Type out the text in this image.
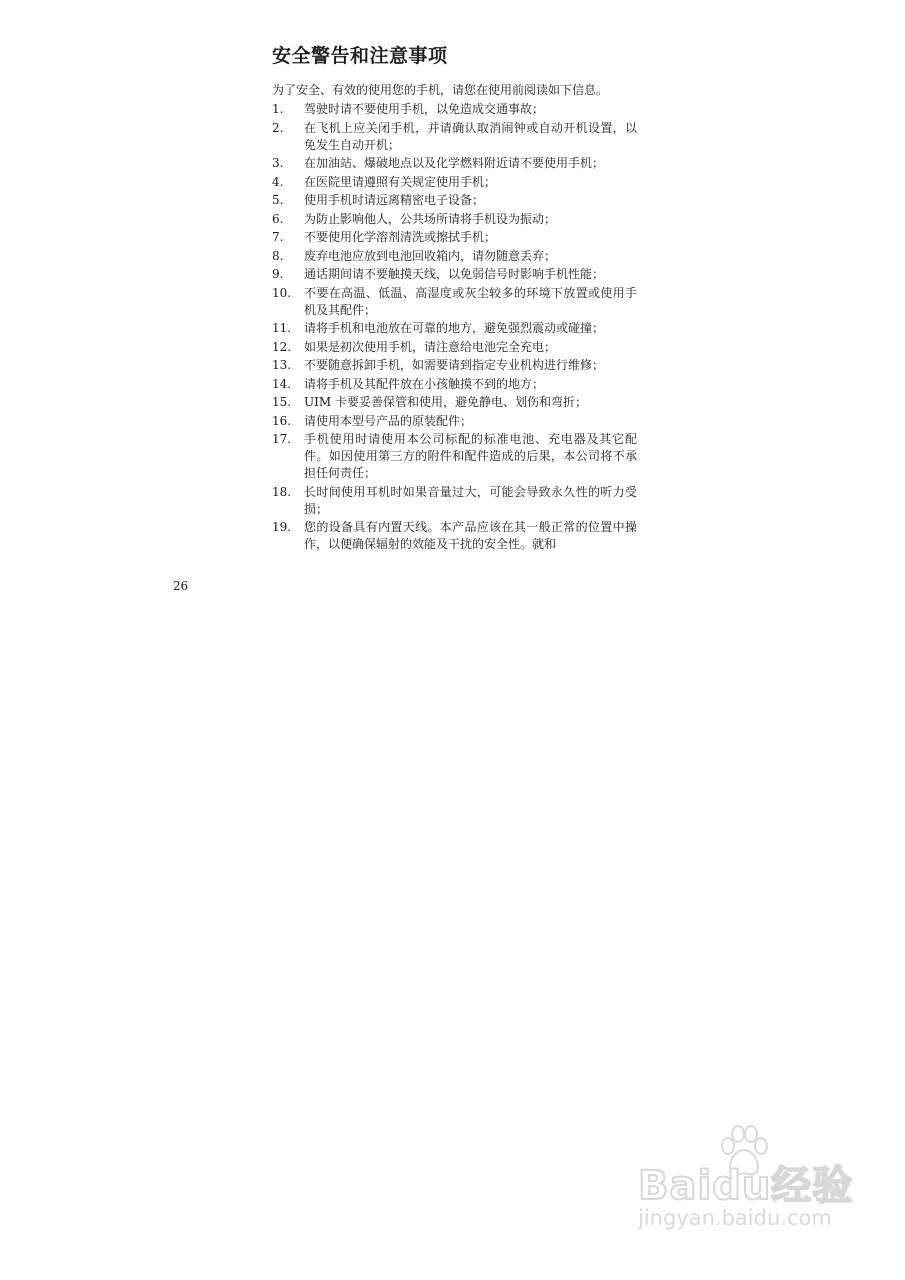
安全警告和注意事项

为了安全、有效的使用您的手机，请您在使用前阅读如下信息。

1.	驾驶时请不要使用手机，以免造成交通事故；
2.	在飞机上应关闭手机，并请确认取消闹钟或自动开机设置，以免发生自动开机；
3.	在加油站、爆破地点以及化学燃料附近请不要使用手机；
4.	在医院里请遵照有关规定使用手机；
5.	使用手机时请远离精密电子设备；
6.	为防止影响他人，公共场所请将手机设为振动；
7.	不要使用化学溶剂清洗或擦拭手机；
8.	废弃电池应放到电池回收箱内，请勿随意丢弃；
9.	通话期间请不要触摸天线，以免弱信号时影响手机性能；
10.	不要在高温、低温、高湿度或灰尘较多的环境下放置或使用手机及其配件；
11.	请将手机和电池放在可靠的地方，避免强烈震动或碰撞；
12.	如果是初次使用手机，请注意给电池完全充电；
13.	不要随意拆卸手机，如需要请到指定专业机构进行维修；
14.	请将手机及其配件放在小孩触摸不到的地方；
15.	UIM 卡要妥善保管和使用，避免静电、划伤和弯折；
16.	请使用本型号产品的原装配件；
17.	手机使用时请使用本公司标配的标准电池、充电器及其它配件。如因使用第三方的附件和配件造成的后果，本公司将不承担任何责任；
18.	长时间使用耳机时如果音量过大，可能会导致永久性的听力受损；
19.	您的设备具有内置天线。本产品应该在其一般正常的位置中操作，以便确保辐射的效能及干扰的安全性。就和
26
Baidu经验
jingyan.baidu.com
